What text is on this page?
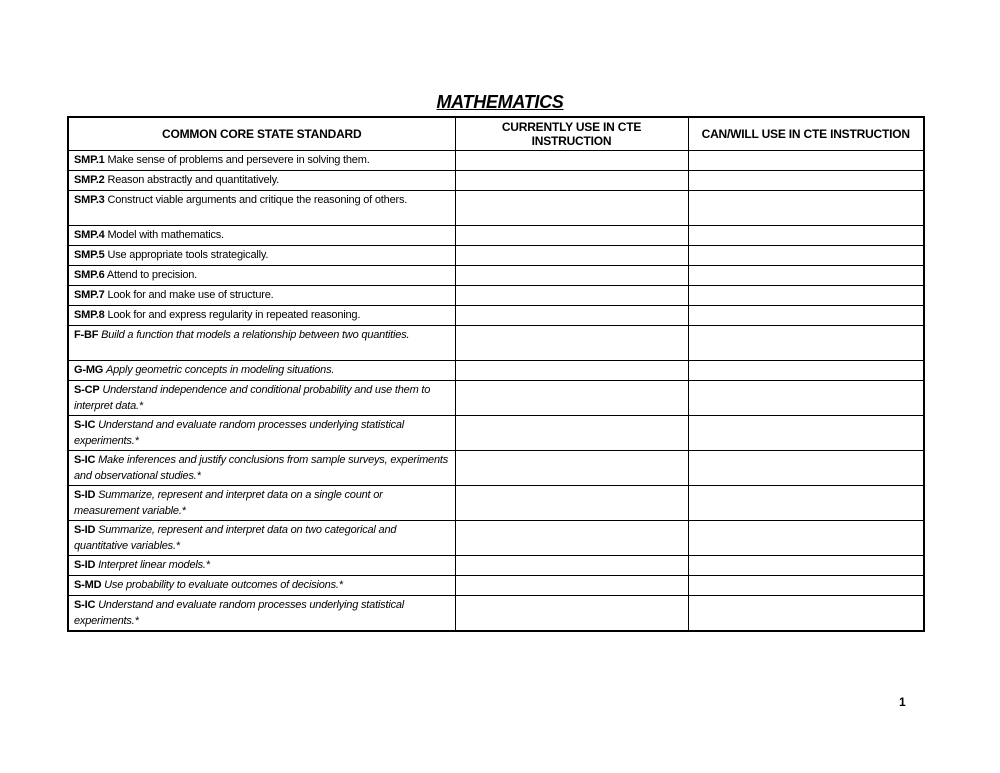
MATHEMATICS
COMMON CORE STATE STANDARD	CURRENTLY USE IN CTE INSTRUCTION	CAN/WILL USE IN CTE INSTRUCTION
SMP.1 Make sense of problems and persevere in solving them.		
SMP.2 Reason abstractly and quantitatively.		
SMP.3 Construct viable arguments and critique the reasoning of others.		
SMP.4 Model with mathematics.		
SMP.5 Use appropriate tools strategically.		
SMP.6 Attend to precision.		
SMP.7 Look for and make use of structure.		
SMP.8 Look for and express regularity in repeated reasoning.		
F-BF Build a function that models a relationship between two quantities.		
G-MG Apply geometric concepts in modeling situations.		
S-CP Understand independence and conditional probability and use them to interpret data.*		
S-IC Understand and evaluate random processes underlying statistical experiments.*		
S-IC Make inferences and justify conclusions from sample surveys, experiments and observational studies.*		
S-ID Summarize, represent and interpret data on a single count or measurement variable.*		
S-ID Summarize, represent and interpret data on two categorical and quantitative variables.*		
S-ID Interpret linear models.*		
S-MD Use probability to evaluate outcomes of decisions.*		
S-IC Understand and evaluate random processes underlying statistical experiments.*		
1
